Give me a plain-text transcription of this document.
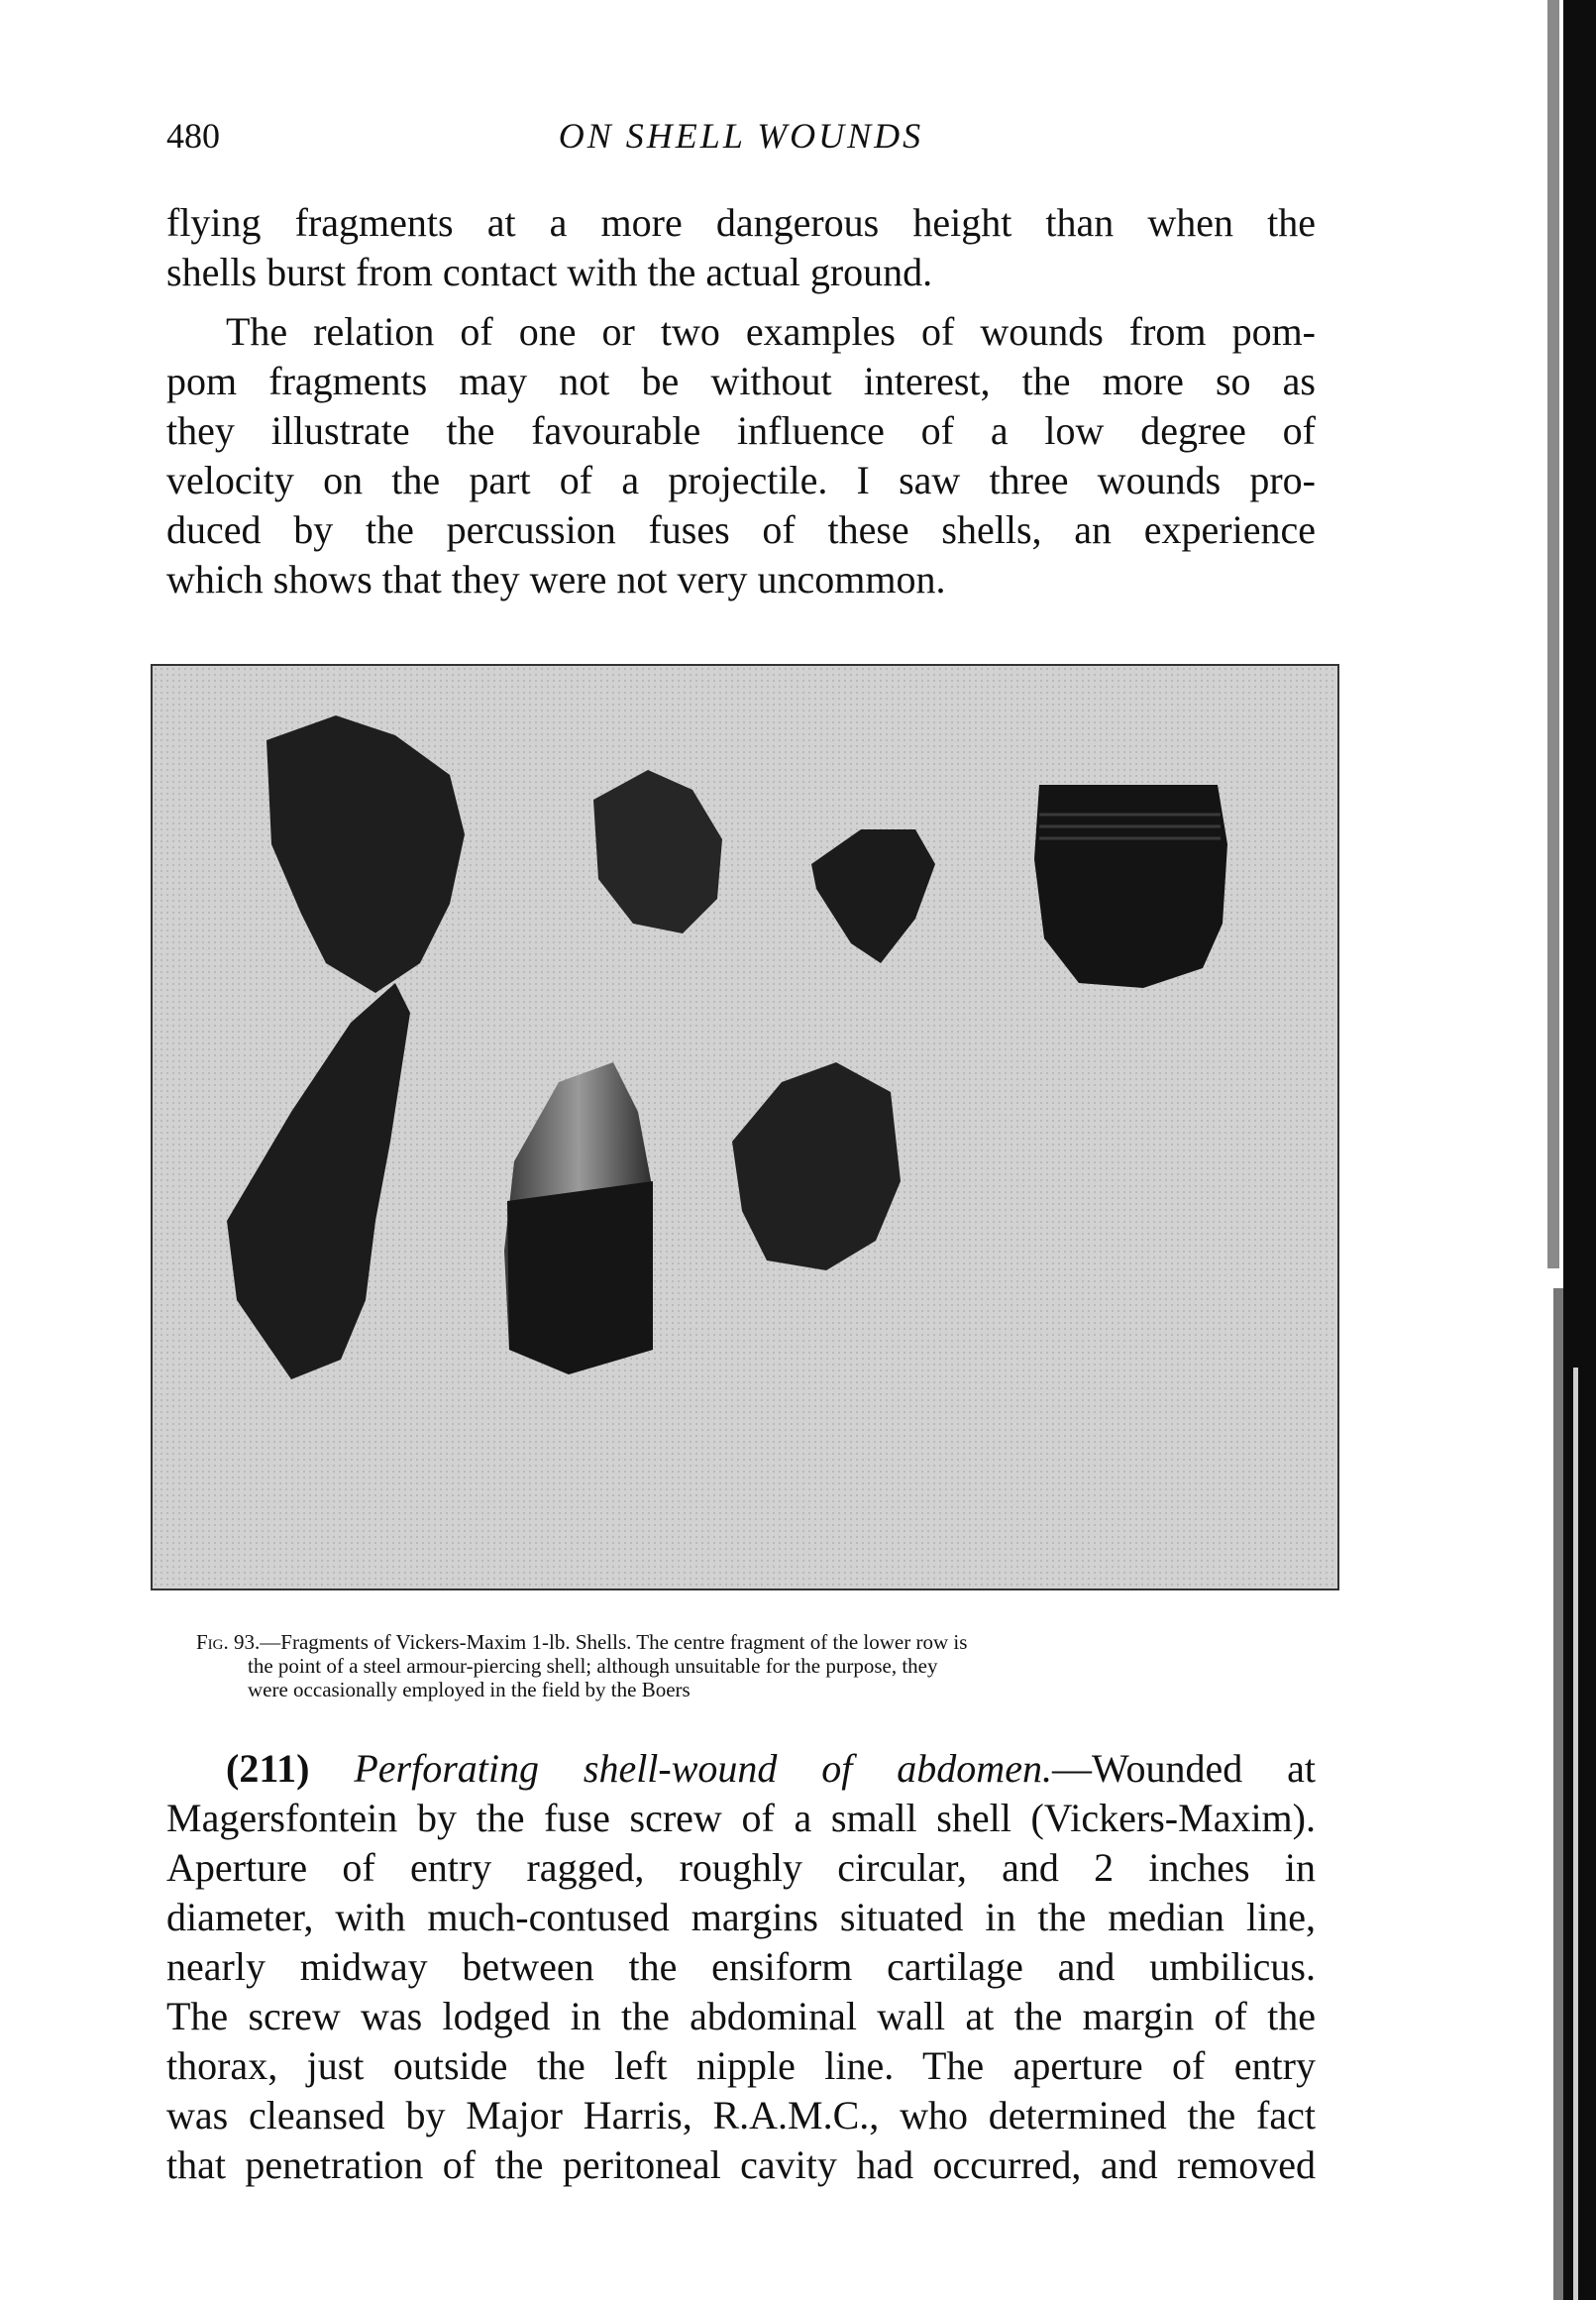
480	ON SHELL WOUNDS

flying fragments at a more dangerous height than when the
shells burst from contact with the actual ground.

The relation of one or two examples of wounds from pom-
pom fragments may not be without interest, the more so as
they illustrate the favourable influence of a low degree of
velocity on the part of a projectile. I saw three wounds pro-
duced by the percussion fuses of these shells, an experience
which shows that they were not very uncommon.

Fig. 93.—Fragments of Vickers-Maxim 1-lb. Shells. The centre fragment of the lower row is
the point of a steel armour-piercing shell; although unsuitable for the purpose, they
were occasionally employed in the field by the Boers

(211) Perforating shell-wound of abdomen.—Wounded at
Magersfontein by the fuse screw of a small shell (Vickers-Maxim).
Aperture of entry ragged, roughly circular, and 2 inches in
diameter, with much-contused margins situated in the median line,
nearly midway between the ensiform cartilage and umbilicus.
The screw was lodged in the abdominal wall at the margin of the
thorax, just outside the left nipple line. The aperture of entry
was cleansed by Major Harris, R.A.M.C., who determined the fact
that penetration of the peritoneal cavity had occurred, and removed
